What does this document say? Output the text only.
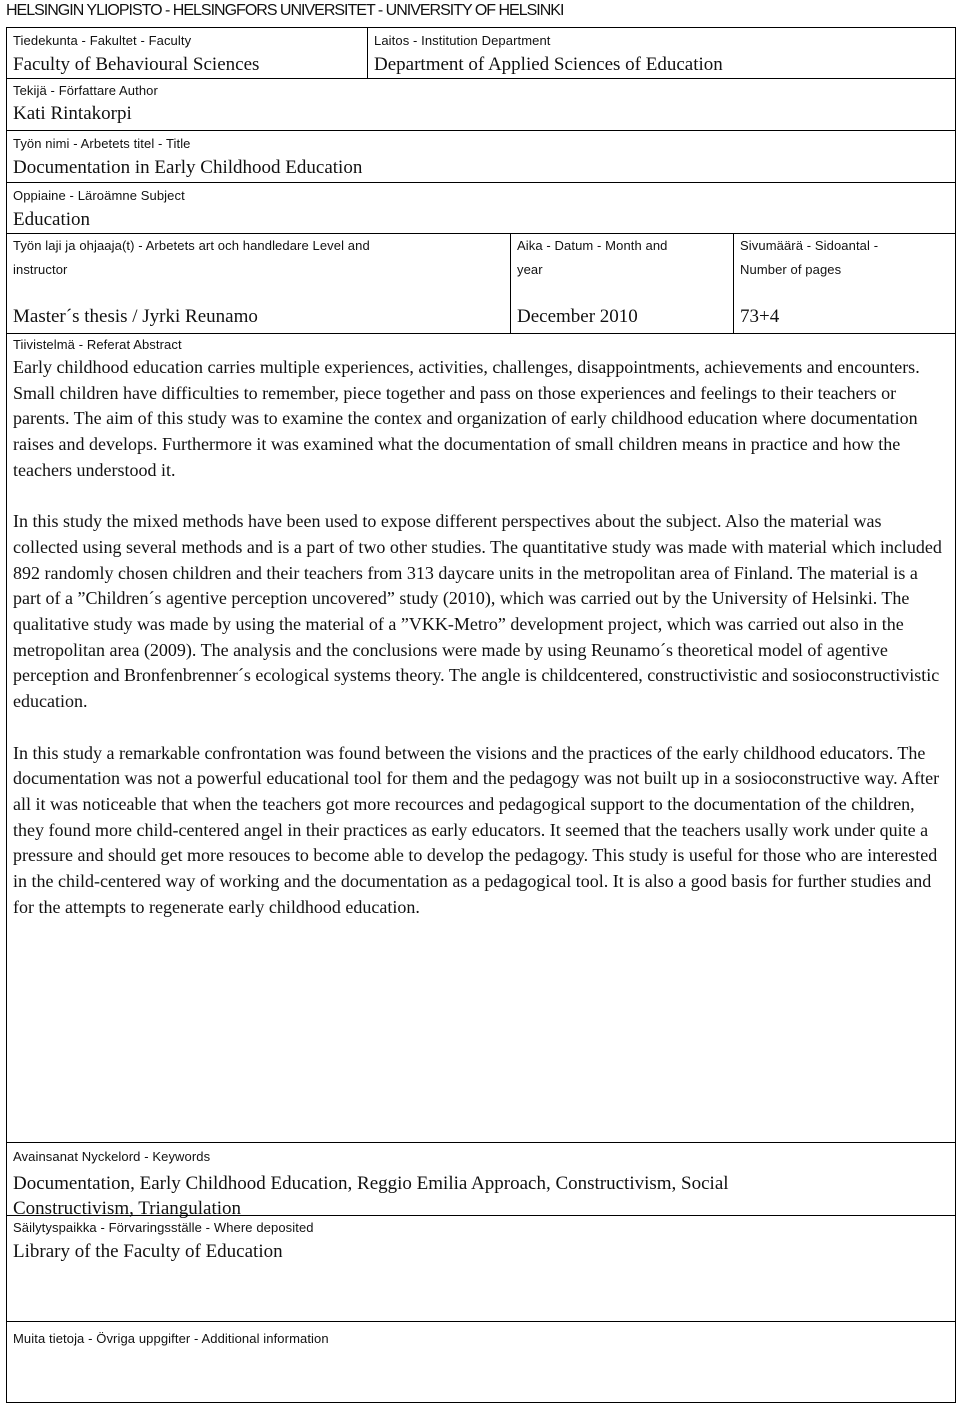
HELSINGIN YLIOPISTO - HELSINGFORS UNIVERSITET - UNIVERSITY OF HELSINKI
Tiedekunta - Fakultet - Faculty
Faculty of Behavioural Sciences
Laitos - Institution Department
Department of Applied Sciences of Education
Tekijä - Författare Author
Kati Rintakorpi
Työn nimi - Arbetets titel - Title
Documentation in Early Childhood Education
Oppiaine - Läroämne Subject
Education
Työn laji ja ohjaaja(t) - Arbetets art och handledare Level and
instructor
Master´s thesis / Jyrki Reunamo
Aika - Datum - Month and
year
December 2010
Sivumäärä - Sidoantal -
Number of pages
73+4
Tiivistelmä - Referat Abstract

Early childhood education carries multiple experiences, activities, challenges, disappointments, achievements and encounters. Small children have difficulties to remember, piece together and pass on those experiences and feelings to their teachers or parents. The aim of this study was to examine the contex and organization of early childhood education where documentation raises and develops. Furthermore it was examined what the documentation of small children means in practice and how the teachers understood it.

In this study the mixed methods have been used to expose different perspectives about the subject. Also the material was collected using several methods and is a part of two other studies. The quantitative study was made with material which included 892 randomly chosen children and their teachers from 313 daycare units in the metropolitan area of Finland. The material is a part of a ”Children´s agentive perception uncovered” study (2010), which was carried out by the University of Helsinki. The qualitative study was made by using the material of a ”VKK-Metro” development project, which was carried out also in the metropolitan area (2009). The analysis and the conclusions were made by using Reunamo´s theoretical model of agentive perception and Bronfenbrenner´s ecological systems theory. The angle is childcentered, constructivistic and sosioconstructivistic education.

In this study a remarkable confrontation was found between the visions and the practices of the early childhood educators. The documentation was not a powerful educational tool for them and the pedagogy was not built up in a sosioconstructive way. After all it was noticeable that when the teachers got more recources and pedagogical support to the documentation of the children, they found more child-centered angel in their practices as early educators. It seemed that the teachers usally work under quite a pressure and should get more resouces to become able to develop the pedagogy. This study is useful for those who are interested in the child-centered way of working and the documentation as a pedagogical tool. It is also a good basis for further studies and for the attempts to regenerate early childhood education.

Avainsanat Nyckelord - Keywords
Documentation, Early Childhood Education, Reggio Emilia Approach, Constructivism, Social
Constructivism, Triangulation
Säilytyspaikka - Förvaringsställe - Where deposited
Library of the Faculty of Education
Muita tietoja - Övriga uppgifter - Additional information
